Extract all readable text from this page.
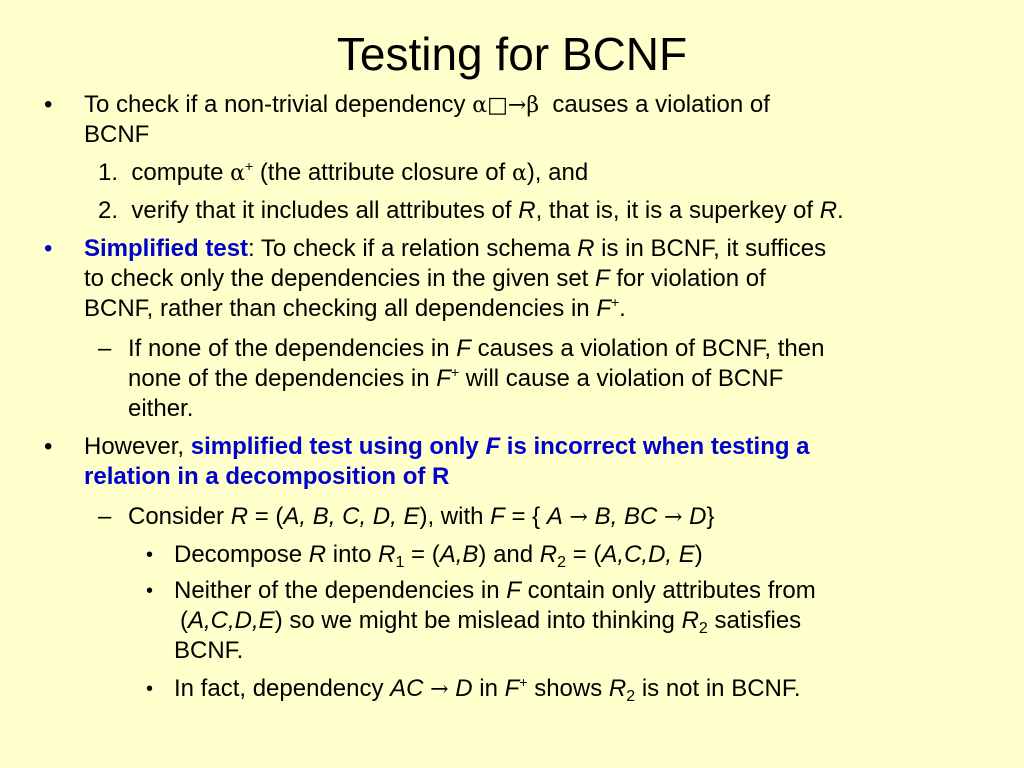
Testing for BCNF
• To check if a non-trivial dependency α□→β causes a violation of
BCNF
1. compute α+ (the attribute closure of α), and
2. verify that it includes all attributes of R, that is, it is a superkey of R.
• Simplified test: To check if a relation schema R is in BCNF, it suffices
to check only the dependencies in the given set F for violation of
BCNF, rather than checking all dependencies in F+.
– If none of the dependencies in F causes a violation of BCNF, then
none of the dependencies in F+ will cause a violation of BCNF
either.
• However, simplified test using only F is incorrect when testing a
relation in a decomposition of R
– Consider R = (A, B, C, D, E), with F = { A → B, BC → D}
• Decompose R into $R_1 = (A,B)$ and $R_2 = (A,C,D$, E)
• Neither of the dependencies in F contain only attributes from
(A,C,D,E) so we might be mislead into thinking $R_2$ satisfies
BCNF.
• In fact, dependency AC → D in F+ shows $R_2$ is not in BCNF.
